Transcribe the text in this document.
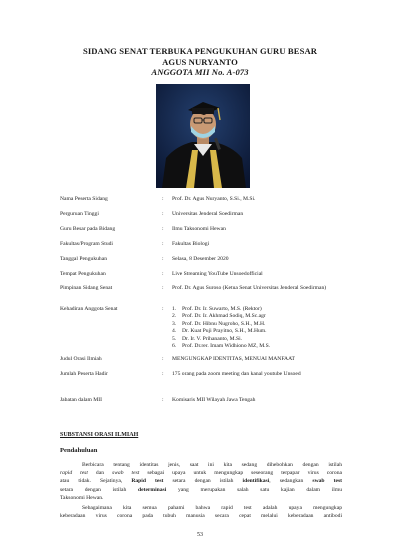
SIDANG SENAT TERBUKA PENGUKUHAN GURU BESAR
AGUS NURYANTO
ANGGOTA MII No. A-073
Nama Peserta Sidang	: Prof. Dr. Agus Nuryanto, S.Si., M.Si.
Perguruan Tinggi	: Universitas Jenderal Soedirman
Guru Besar pada Bidang	: Ilmu Taksonomi Hewan
Fakultas/Program Studi	: Fakultas Biologi
Tanggal Pengukuhan	: Selasa, 8 Desember 2020
Tempat Pengukuhan	: Live Streaming YouTube Unsoedofficial
Pimpinan Sidang Senat	: Prof. Dr. Agus Suroso (Ketua Senat Universitas Jenderal Soedirman)
Kehadiran Anggota Senat	: 1. Prof. Dr. Ir. Suwarto, M.S. (Rektor)
2. Prof. Dr. Ir. Akhmad Sodiq, M.Sc.agr
3. Prof. Dr. Hibnu Nugroho, S.H., M.H.
4. Dr. Kuat Puji Prayitno, S.H., M.Hum.
5. Dr. Ir. V. Prihananto, M.Si.
6. Prof. Dr.rer. Imam Widhiono MZ, M.S.
Judul Orasi Ilmiah	: MENGUNGKAP IDENTITAS, MENUAI MANFAAT
Jumlah Peserta Hadir	: 175 orang pada zoom meeting dan kanal youtube Unsoed
Jabatan dalam MII	: Komisaris MII Wilayah Jawa Tengah
SUBSTANSI ORASI ILMIAH
Pendahuluan
Berbicara tentang identitas jenis, saat ini kita sedang dihebohkan dengan istilah
rapid test dan swab test sebagai upaya untuk mengungkap seseorang terpapar virus corona
atau tidak. Sejatinya, Rapid test setara dengan istilah identifikasi, sedangkan swab test
setara dengan istilah determinasi yang merupakan salah satu kajian dalam ilmu
Taksonomi Hewan.
Sebagaimana kita semua pahami bahwa rapid test adalah upaya mengungkap
keberadaan virus corona pada tubuh manusia secara cepat melalui keberadaan antibodi
53
